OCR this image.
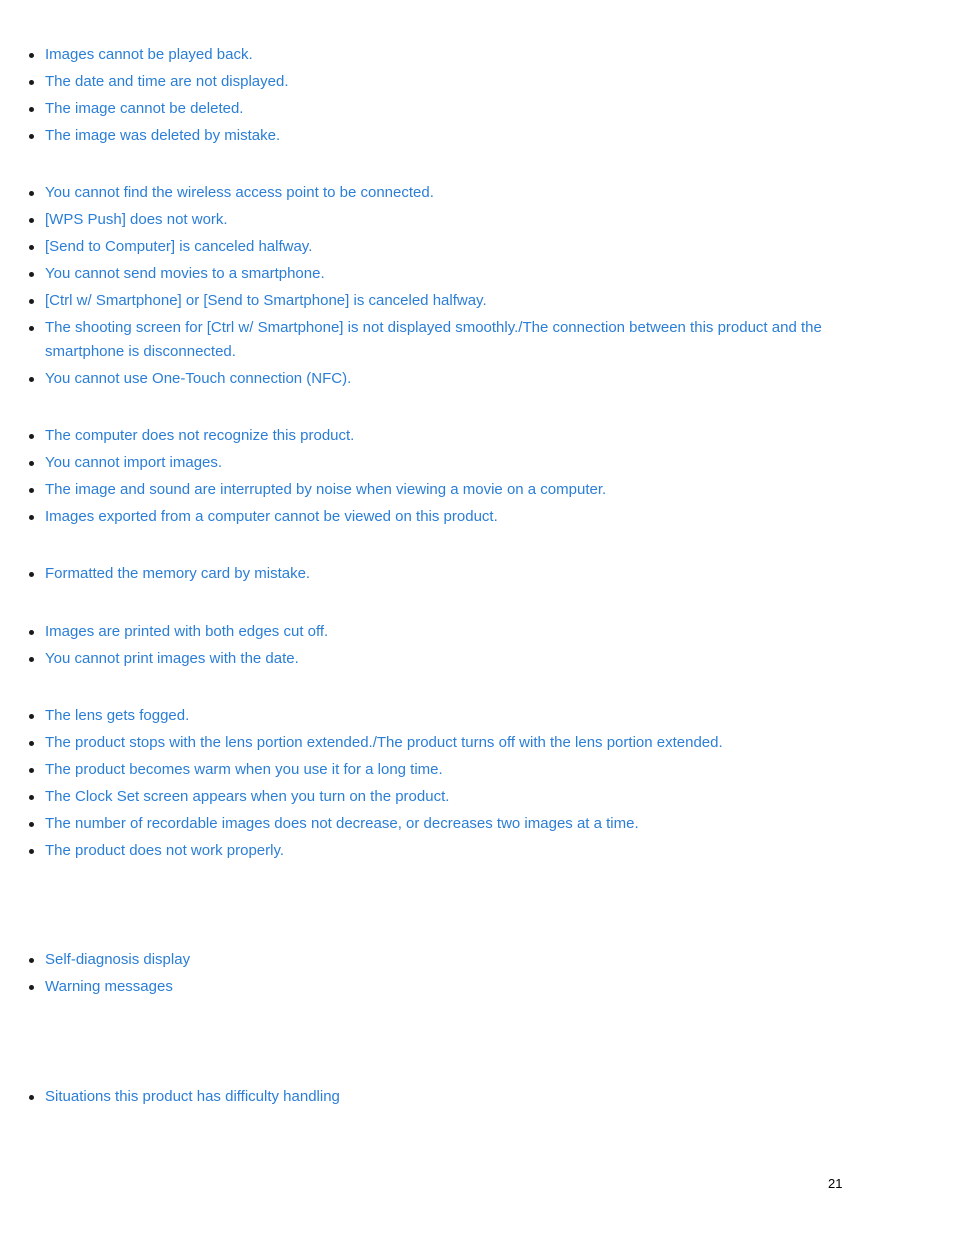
Images cannot be played back.
The date and time are not displayed.
The image cannot be deleted.
The image was deleted by mistake.
You cannot find the wireless access point to be connected.
[WPS Push] does not work.
[Send to Computer] is canceled halfway.
You cannot send movies to a smartphone.
[Ctrl w/ Smartphone] or [Send to Smartphone] is canceled halfway.
The shooting screen for [Ctrl w/ Smartphone] is not displayed smoothly./The connection between this product and the smartphone is disconnected.
You cannot use One-Touch connection (NFC).
The computer does not recognize this product.
You cannot import images.
The image and sound are interrupted by noise when viewing a movie on a computer.
Images exported from a computer cannot be viewed on this product.
Formatted the memory card by mistake.
Images are printed with both edges cut off.
You cannot print images with the date.
The lens gets fogged.
The product stops with the lens portion extended./The product turns off with the lens portion extended.
The product becomes warm when you use it for a long time.
The Clock Set screen appears when you turn on the product.
The number of recordable images does not decrease, or decreases two images at a time.
The product does not work properly.
Self-diagnosis display
Warning messages
Situations this product has difficulty handling
21
